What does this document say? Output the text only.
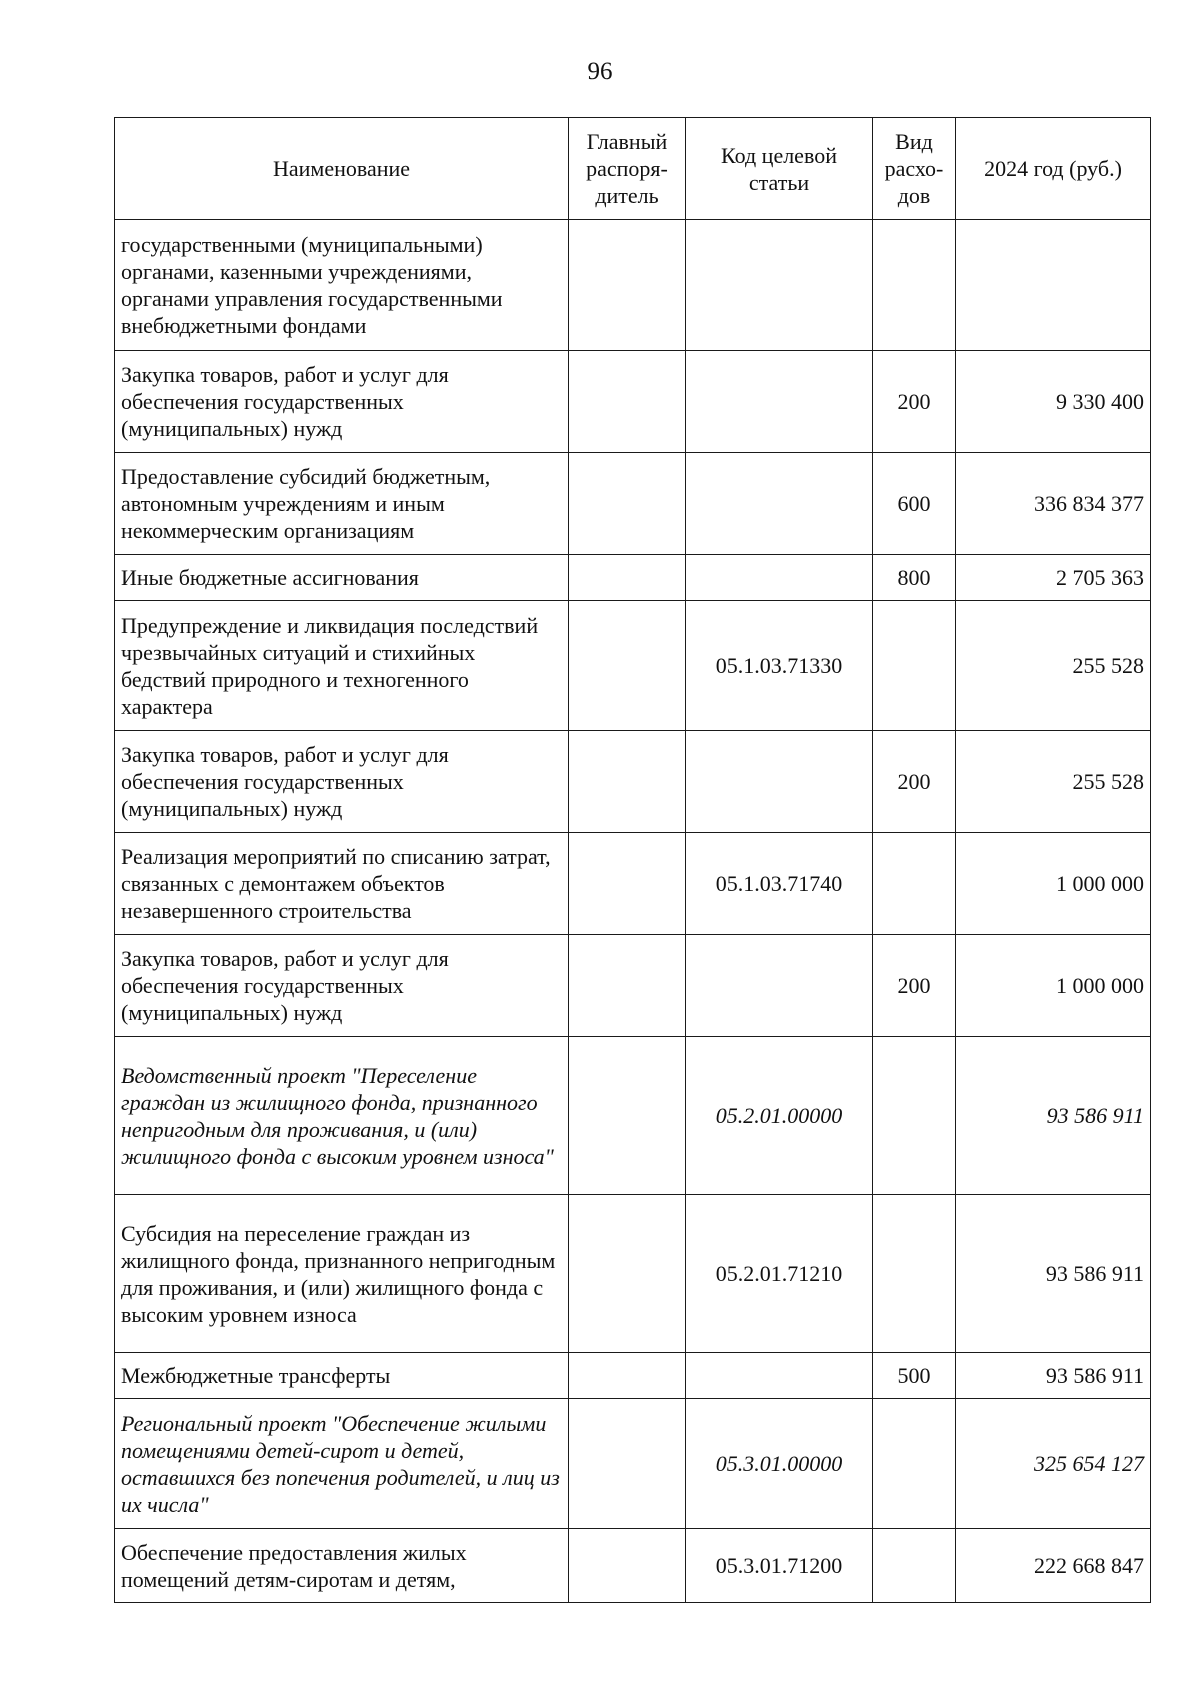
96
Наименование	Главный распоря-дитель	Код целевой статьи	Вид расхо-дов	2024 год (руб.)
государственными (муниципальными) органами, казенными учреждениями, органами управления государственными внебюджетными фондами				
Закупка товаров, работ и услуг для обеспечения государственных (муниципальных) нужд			200	9 330 400
Предоставление субсидий бюджетным, автономным учреждениям и иным некоммерческим организациям			600	336 834 377
Иные бюджетные ассигнования			800	2 705 363
Предупреждение и ликвидация последствий чрезвычайных ситуаций и стихийных бедствий природного и техногенного характера		05.1.03.71330		255 528
Закупка товаров, работ и услуг для обеспечения государственных (муниципальных) нужд			200	255 528
Реализация мероприятий по списанию затрат, связанных с демонтажем объектов незавершенного строительства		05.1.03.71740		1 000 000
Закупка товаров, работ и услуг для обеспечения государственных (муниципальных) нужд			200	1 000 000
Ведомственный проект "Переселение граждан из жилищного фонда, признанного непригодным для проживания, и (или) жилищного фонда с высоким уровнем износа"		05.2.01.00000		93 586 911
Субсидия на переселение граждан из жилищного фонда, признанного непригодным для проживания, и (или) жилищного фонда с высоким уровнем износа		05.2.01.71210		93 586 911
Межбюджетные трансферты			500	93 586 911
Региональный проект "Обеспечение жилыми помещениями детей-сирот и детей, оставшихся без попечения родителей, и лиц из их числа"		05.3.01.00000		325 654 127
Обеспечение предоставления жилых помещений детям-сиротам и детям,		05.3.01.71200		222 668 847
